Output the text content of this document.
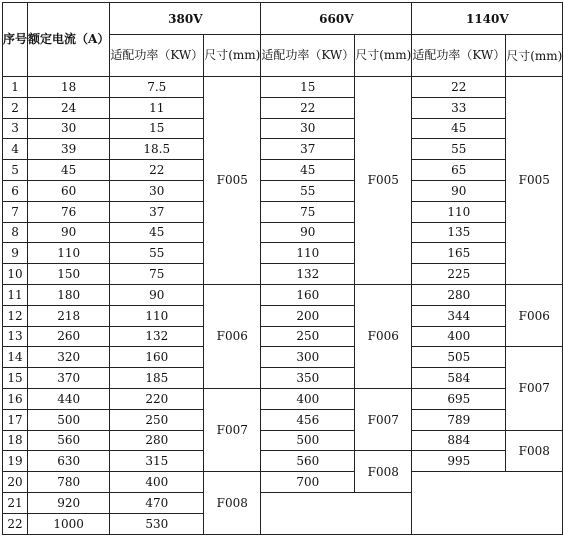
序号	额定电流（A）	380V		660V		1140V	

		适配功率（KW）	尺寸(mm)	适配功率（KW）	尺寸(mm)	适配功率（KW）	尺寸(mm)
1	18	7.5	F005	15	F005	22	F005
2	24	11		22		33	
3	30	15		30		45	
4	39	18.5		37		55	
5	45	22		45		65	
6	60	30		55		90	
7	76	37		75		110	
8	90	45		90		135	
9	110	55		110		165	
10	150	75		132		225	
11	180	90	F006	160	F006	280	F006
12	218	110		200		344	
13	260	132		250		400	
14	320	160		300		505	F007
15	370	185		350		584	
16	440	220	F007	400	F007	695	
17	500	250		456		789	
18	560	280		500		884	F008
19	630	315		560	F008	995	
20	780	400	F008	700			
21	920	470					
22	1000	530					
